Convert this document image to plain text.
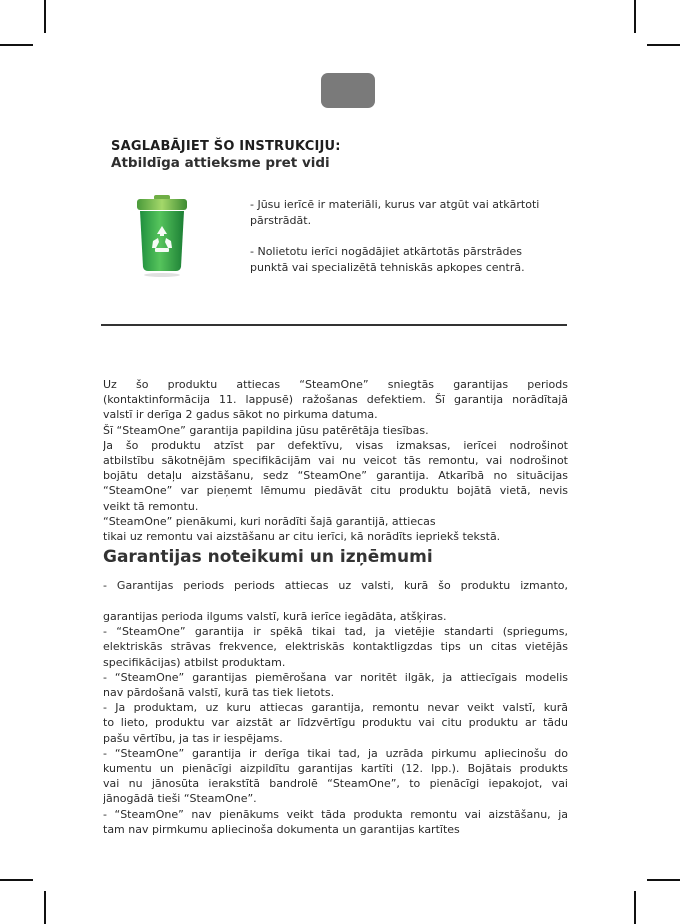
SAGLABĀJIET ŠO INSTRUKCIJU:
Atbildīga attieksme pret vidi

- Jūsu ierīcē ir materiāli, kurus var atgūt vai atkārtoti pārstrādāt.

- Nolietotu ierīci nogādājiet atkārtotās pārstrādes punktā vai specializētā tehniskās apkopes centrā.

Uz šo produktu attiecas “SteamOne” sniegtās garantijas periods
(kontaktinformācija 11. lappusē) ražošanas defektiem. Šī garantija norādītajā
valstī ir derīga 2 gadus sākot no pirkuma datuma.
Šī “SteamOne” garantija papildina jūsu patērētāja tiesības.
Ja šo produktu atzīst par defektīvu, visas izmaksas, ierīcei nodrošinot
atbilstību sākotnējām specifikācijām vai nu veicot tās remontu, vai nodrošinot
bojātu detaļu aizstāšanu, sedz “SteamOne” garantija. Atkarībā no situācijas
“SteamOne” var pieņemt lēmumu piedāvāt citu produktu bojātā vietā, nevis
veikt tā remontu.
“SteamOne” pienākumi, kuri norādīti šajā garantijā, attiecas
tikai uz remontu vai aizstāšanu ar citu ierīci, kā norādīts iepriekš tekstā.
Garantijas noteikumi un izņēmumi
- Garantijas periods periods attiecas uz valsti, kurā šo produktu izmanto,
garantijas perioda ilgums valstī, kurā ierīce iegādāta, atšķiras.
- “SteamOne” garantija ir spēkā tikai tad, ja vietējie standarti (spriegums,
elektriskās strāvas frekvence, elektriskās kontaktligzdas tips un citas vietējās
specifikācijas) atbilst produktam.
- “SteamOne” garantijas piemērošana var noritēt ilgāk, ja attiecīgais modelis
nav pārdošanā valstī, kurā tas tiek lietots.
- Ja produktam, uz kuru attiecas garantija, remontu nevar veikt valstī, kurā
to lieto, produktu var aizstāt ar līdzvērtīgu produktu vai citu produktu ar tādu
pašu vērtību, ja tas ir iespējams.
- “SteamOne” garantija ir derīga tikai tad, ja uzrāda pirkumu apliecinošu do
kumentu un pienācīgi aizpildītu garantijas kartīti (12. lpp.). Bojātais produkts
vai nu jānosūta ierakstītā bandrolē “SteamOne”, to pienācīgi iepakojot, vai
jānogādā tieši “SteamOne”.
- “SteamOne” nav pienākums veikt tāda produkta remontu vai aizstāšanu, ja
tam nav pirmkumu apliecinoša dokumenta un garantijas kartītes
